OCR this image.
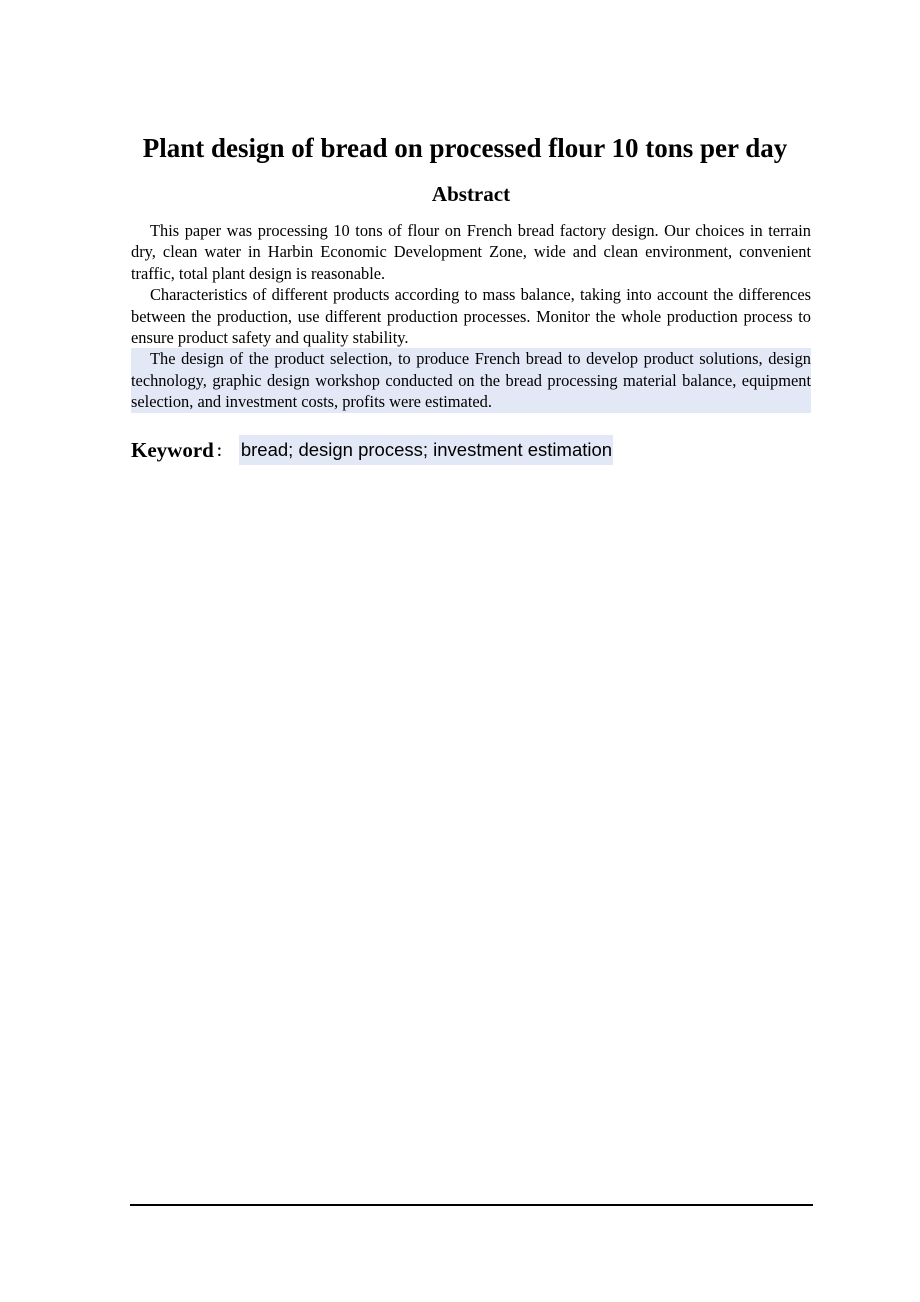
Plant design of bread on processed flour 10 tons per day
Abstract

This paper was processing 10 tons of flour on French bread factory design. Our choices in terrain dry, clean water in Harbin Economic Development Zone, wide and clean environment, convenient traffic, total plant design is reasonable.

Characteristics of different products according to mass balance, taking into account the differences between the production, use different production processes. Monitor the whole production process to ensure product safety and quality stability.

The design of the product selection, to produce French bread to develop product solutions, design technology, graphic design workshop conducted on the bread processing material balance, equipment selection, and investment costs, profits were estimated.

Keyword ： bread; design process; investment estimation
